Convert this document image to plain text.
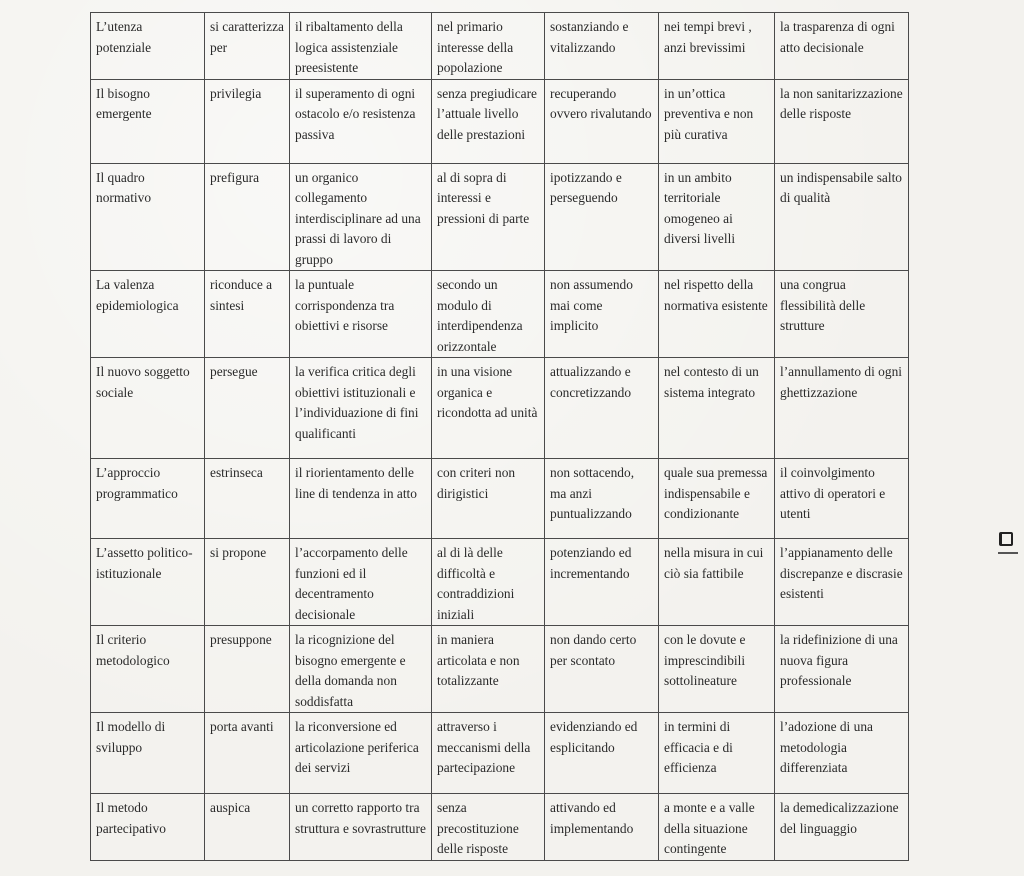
L’utenza potenziale	si caratterizza per	il ribaltamento della logica assistenziale preesistente	nel primario interesse della popolazione	sostanziando e vitalizzando	nei tempi brevi , anzi brevissimi	la trasparenza di ogni atto decisionale
Il bisogno emergente	privilegia	il superamento di ogni ostacolo e/o resistenza passiva	senza pregiudicare l’attuale livello delle prestazioni	recuperando ovvero rivalutando	in un’ottica preventiva e non più curativa	la non sanitarizzazione delle risposte
Il quadro normativo	prefigura	un organico collegamento interdisciplinare ad una prassi di lavoro di gruppo	al di sopra di interessi e pressioni di parte	ipotizzando e perseguendo	in un ambito territoriale omogeneo ai diversi livelli	un indispensabile salto di qualità
La valenza epidemiologica	riconduce a sintesi	la puntuale corrispondenza tra obiettivi e risorse	secondo un modulo di interdipendenza orizzontale	non assumendo mai come implicito	nel rispetto della normativa esistente	una congrua flessibilità delle strutture
Il nuovo soggetto sociale	persegue	la verifica critica degli obiettivi istituzionali e l’individuazione di fini qualificanti	in una visione organica e ricondotta ad unità	attualizzando e concretizzando	nel contesto di un sistema integrato	l’annullamento di ogni ghettizzazione
L’approccio programmatico	estrinseca	il riorientamento delle line di tendenza in atto	con criteri non dirigistici	non sottacendo, ma anzi puntualizzando	quale sua premessa indispensabile e condizionante	il coinvolgimento attivo di operatori e utenti
L’assetto politico-istituzionale	si propone	l’accorpamento delle funzioni ed il decentramento decisionale	al di là delle difficoltà e contraddizioni iniziali	potenziando ed incrementando	nella misura in cui ciò sia fattibile	l’appianamento delle discrepanze e discrasie esistenti
Il criterio metodologico	presuppone	la ricognizione del bisogno emergente e della domanda non soddisfatta	in maniera articolata e non totalizzante	non dando certo per scontato	con le dovute e imprescindibili sottolineature	la ridefinizione di una nuova figura professionale
Il modello di sviluppo	porta avanti	la riconversione ed articolazione periferica dei servizi	attraverso i meccanismi della partecipazione	evidenziando ed esplicitando	in termini di efficacia e di efficienza	l’adozione di una metodologia differenziata
Il metodo partecipativo	auspica	un corretto rapporto tra struttura e sovrastrutture	senza precostituzione delle risposte	attivando ed implementando	a monte e a valle della situazione contingente	la demedicalizzazione del linguaggio
